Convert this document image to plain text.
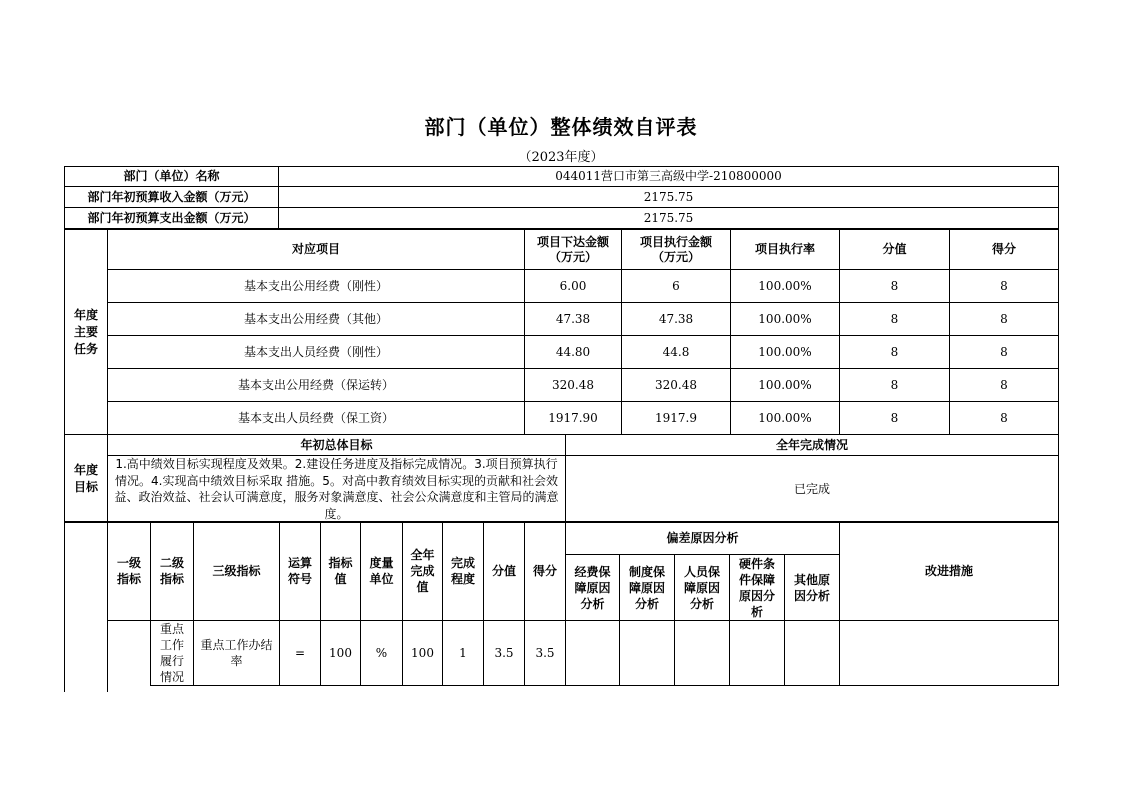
部门（单位）整体绩效自评表
（2023年度）
部门（单位）名称	044011营口市第三高级中学-210800000
部门年初预算收入金额（万元）	2175.75
部门年初预算支出金额（万元）	2175.75
年度主要任务	对应项目	项目下达金额（万元）	项目执行金额（万元）	项目执行率	分值	得分
	基本支出公用经费（刚性）	6.00	6	100.00%	8	8
	基本支出公用经费（其他）	47.38	47.38	100.00%	8	8
	基本支出人员经费（刚性）	44.80	44.8	100.00%	8	8
	基本支出公用经费（保运转）	320.48	320.48	100.00%	8	8
	基本支出人员经费（保工资）	1917.90	1917.9	100.00%	8	8
年度目标	年初总体目标	全年完成情况
	1.高中绩效目标实现程度及效果。2.建设任务进度及指标完成情况。3.项目预算执行情况。4.实现高中绩效目标采取 措施。5。对高中教育绩效目标实现的贡献和社会效益、政治效益、社会认可满意度，服务对象满意度、社会公众满意度和主管局的满意度。	已完成
	一级指标	二级指标	三级指标	运算符号	指标值	度量单位	全年完成值	完成程度	分值	得分	偏差原因分析					改进措施
											经费保障原因分析	制度保障原因分析	人员保障原因分析	硬件条件保障原因分析	其他原因分析	
		重点工作履行情况	重点工作办结率	=	100	%	100	1	3.5	3.5						
